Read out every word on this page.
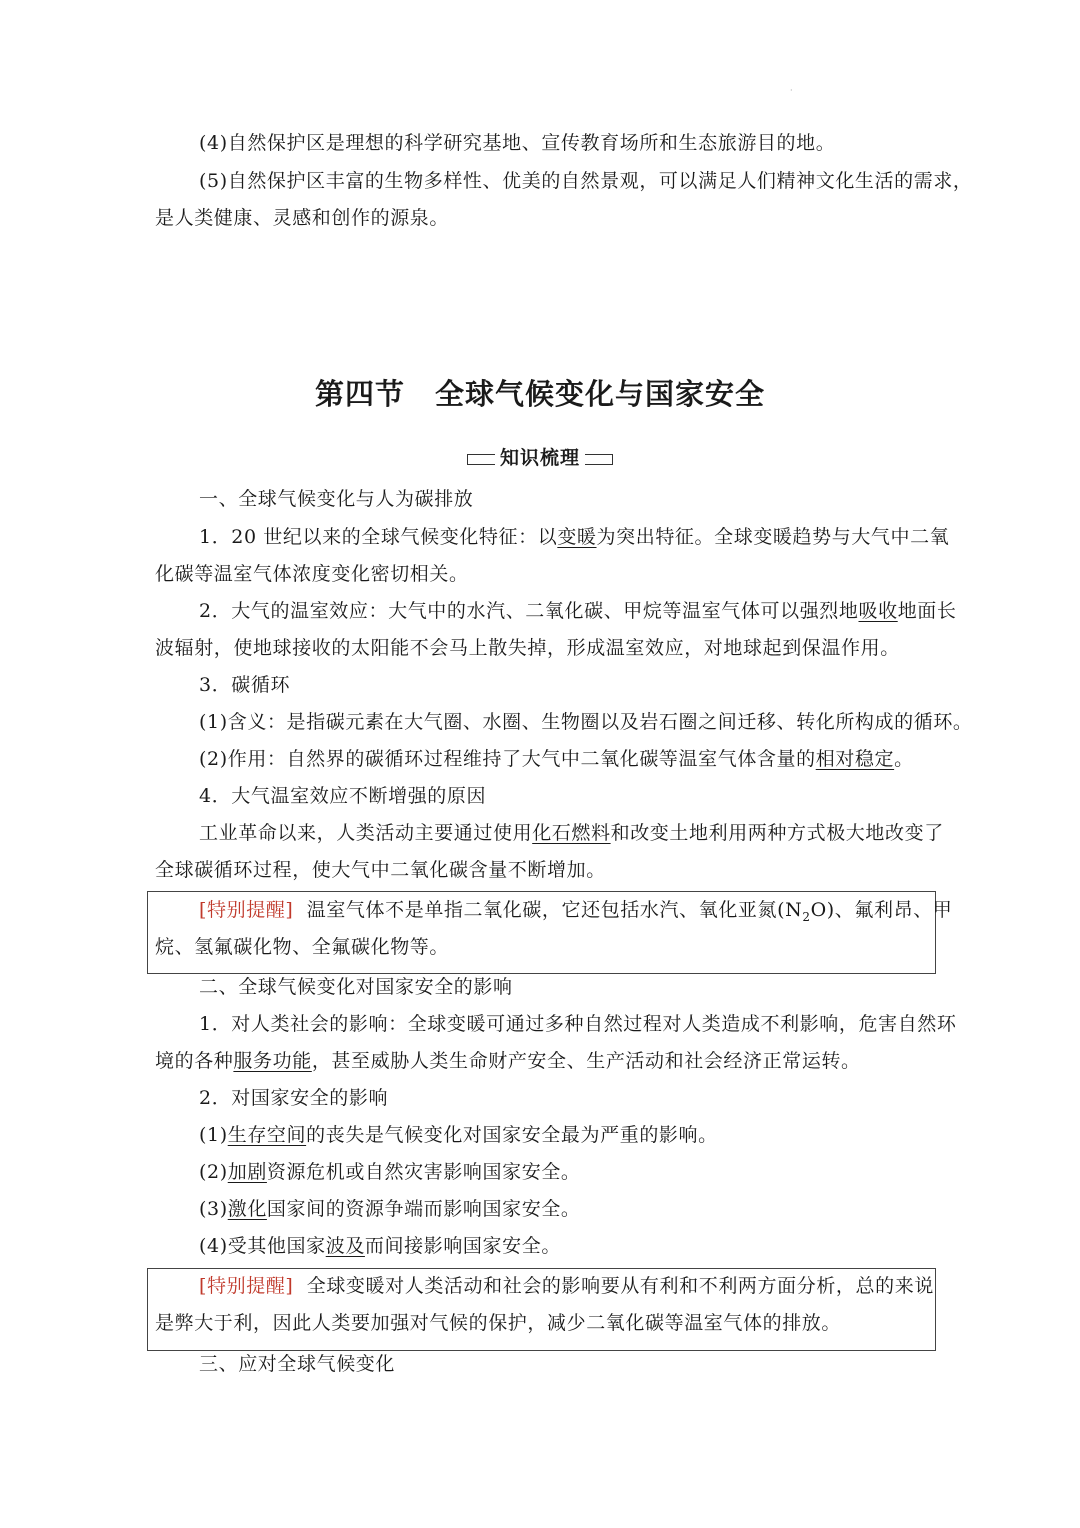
·
(4)自然保护区是理想的科学研究基地、宣传教育场所和生态旅游目的地。
(5)自然保护区丰富的生物多样性、优美的自然景观，可以满足人们精神文化生活的需求，
是人类健康、灵感和创作的源泉。
第四节　全球气候变化与国家安全
知识梳理
一、全球气候变化与人为碳排放
1．20 世纪以来的全球气候变化特征：以变暖为突出特征。全球变暖趋势与大气中二氧
化碳等温室气体浓度变化密切相关。
2．大气的温室效应：大气中的水汽、二氧化碳、甲烷等温室气体可以强烈地吸收地面长
波辐射，使地球接收的太阳能不会马上散失掉，形成温室效应，对地球起到保温作用。
3．碳循环
(1)含义：是指碳元素在大气圈、水圈、生物圈以及岩石圈之间迁移、转化所构成的循环。
(2)作用：自然界的碳循环过程维持了大气中二氧化碳等温室气体含量的相对稳定。
4．大气温室效应不断增强的原因
工业革命以来，人类活动主要通过使用化石燃料和改变土地利用两种方式极大地改变了
全球碳循环过程，使大气中二氧化碳含量不断增加。
[特别提醒] 温室气体不是单指二氧化碳，它还包括水汽、氧化亚氮$(N_2O)$、氟利昂、甲
烷、氢氟碳化物、全氟碳化物等。
二、全球气候变化对国家安全的影响
1．对人类社会的影响：全球变暖可通过多种自然过程对人类造成不利影响，危害自然环
境的各种服务功能，甚至威胁人类生命财产安全、生产活动和社会经济正常运转。
2．对国家安全的影响
(1)生存空间的丧失是气候变化对国家安全最为严重的影响。
(2)加剧资源危机或自然灾害影响国家安全。
(3)激化国家间的资源争端而影响国家安全。
(4)受其他国家波及而间接影响国家安全。
[特别提醒] 全球变暖对人类活动和社会的影响要从有利和不利两方面分析，总的来说
是弊大于利，因此人类要加强对气候的保护，减少二氧化碳等温室气体的排放。
三、应对全球气候变化
